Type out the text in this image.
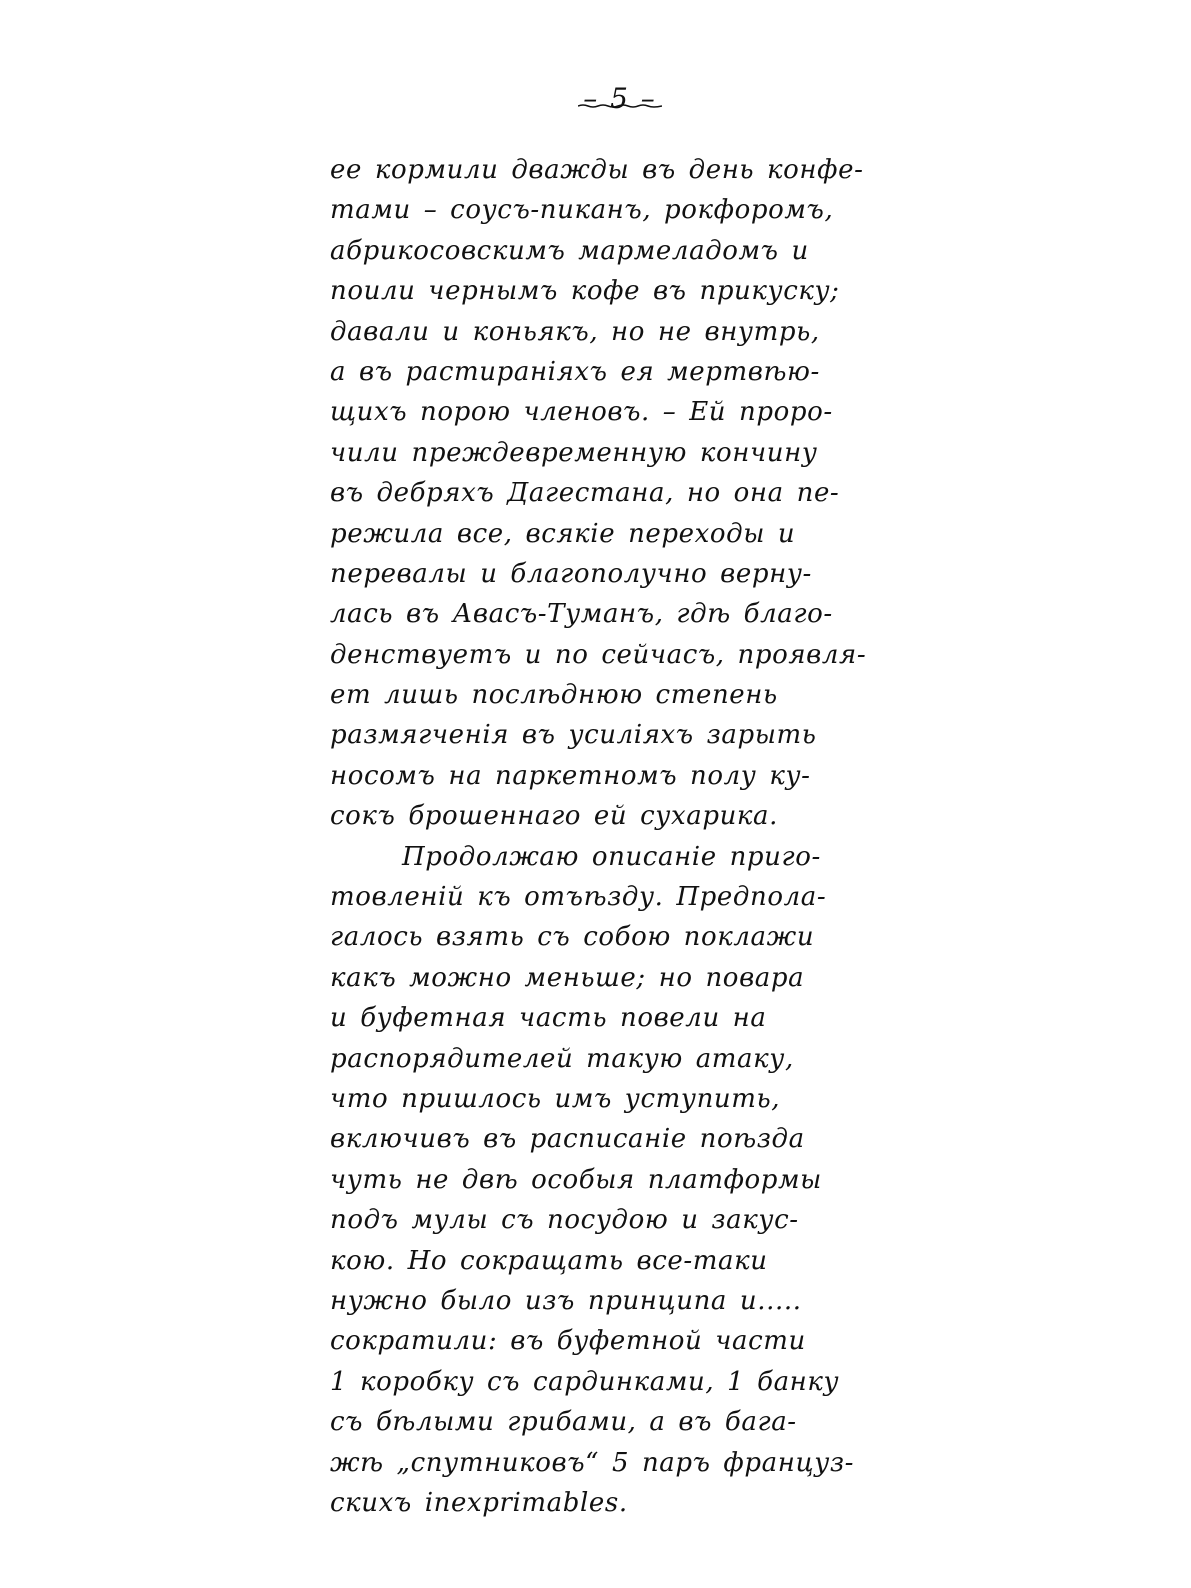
– 5 –
ее кормили дважды въ день конфе-
тами – соусъ-пиканъ, рокфоромъ,
абрикосовскимъ мармеладомъ и
поили чернымъ кофе въ прикуску;
давали и коньякъ, но не внутрь,
а въ растираніяхъ ея мертвѣю-
щихъ порою членовъ. – Ей проро-
чили преждевременную кончину
въ дебряхъ Дагестана, но она пе-
режила все, всякіе переходы и
перевалы и благополучно верну-
лась въ Авасъ-Туманъ, гдѣ благо-
денствуетъ и по сейчасъ, проявля-
ет лишь послѣднюю степень
размягченія въ усиліяхъ зарыть
носомъ на паркетномъ полу ку-
сокъ брошеннаго ей сухарика.
Продолжаю описаніе приго-
товленій къ отъѣзду. Предпола-
галось взять съ собою поклажи
какъ можно меньше; но повара
и буфетная часть повели на
распорядителей такую атаку,
что пришлось имъ уступить,
включивъ въ расписаніе поѣзда
чуть не двѣ особыя платформы
подъ мулы съ посудою и закус-
кою. Но сокращать все-таки
нужно было изъ принципа и.....
сократили: въ буфетной части
1 коробку съ сардинками, 1 банку
съ бѣлыми грибами, а въ бага-
жѣ „спутниковъ“ 5 паръ француз-
скихъ inexprimables.
